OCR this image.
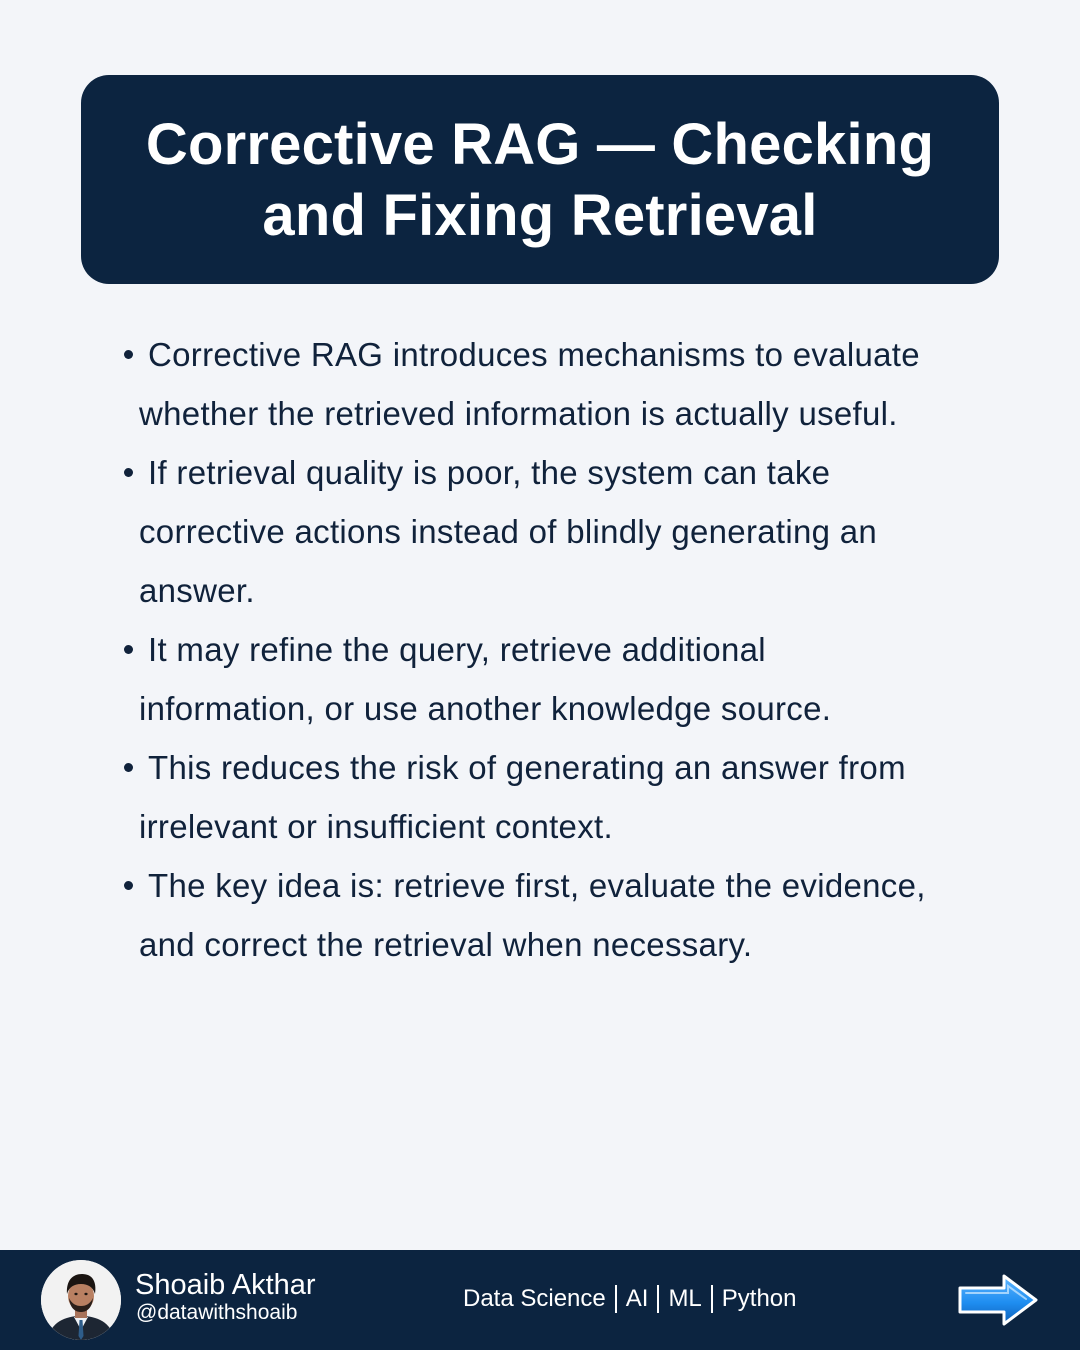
Corrective RAG — Checking and Fixing Retrieval
Corrective RAG introduces mechanisms to evaluate whether the retrieved information is actually useful.
If retrieval quality is poor, the system can take corrective actions instead of blindly generating an answer.
It may refine the query, retrieve additional information, or use another knowledge source.
This reduces the risk of generating an answer from irrelevant or insufficient context.
The key idea is: retrieve first, evaluate the evidence, and correct the retrieval when necessary.
Shoaib Akthar
@datawithshoaib
Data Science AI ML Python
